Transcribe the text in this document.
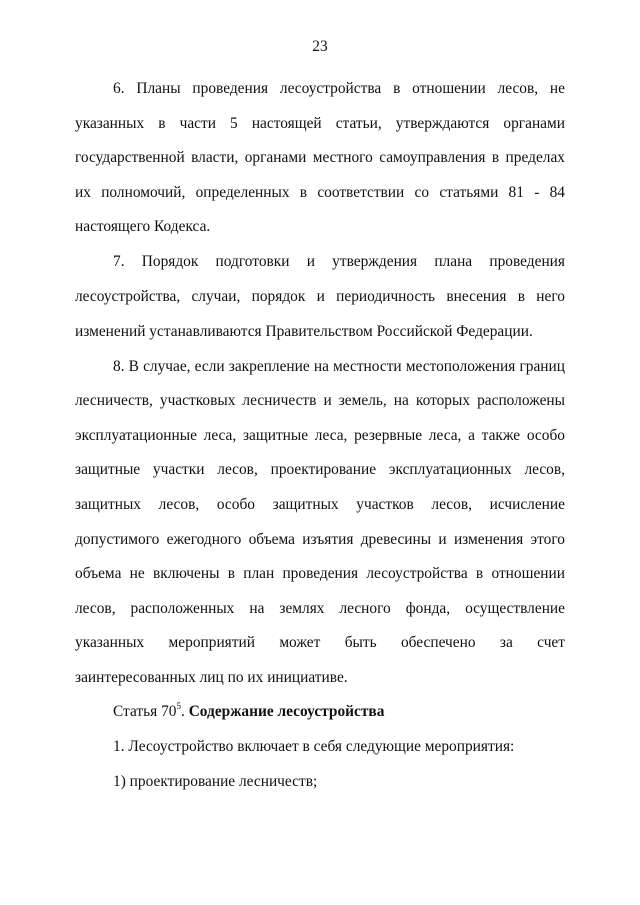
23

6. Планы проведения лесоустройства в отношении лесов, не указанных в части 5 настоящей статьи, утверждаются органами государственной власти, органами местного самоуправления в пределах их полномочий, определенных в соответствии со статьями 81 - 84 настоящего Кодекса.

7. Порядок подготовки и утверждения плана проведения лесоустройства, случаи, порядок и периодичность внесения в него изменений устанавливаются Правительством Российской Федерации.

8. В случае, если закрепление на местности местоположения границ лесничеств, участковых лесничеств и земель, на которых расположены эксплуатационные леса, защитные леса, резервные леса, а также особо защитные участки лесов, проектирование эксплуатационных лесов, защитных лесов, особо защитных участков лесов, исчисление допустимого ежегодного объема изъятия древесины и изменения этого объема не включены в план проведения лесоустройства в отношении лесов, расположенных на землях лесного фонда, осуществление указанных мероприятий может быть обеспечено за счет заинтересованных лиц по их инициативе.

Статья $70^5$. Содержание лесоустройства

1. Лесоустройство включает в себя следующие мероприятия:

1) проектирование лесничеств;
